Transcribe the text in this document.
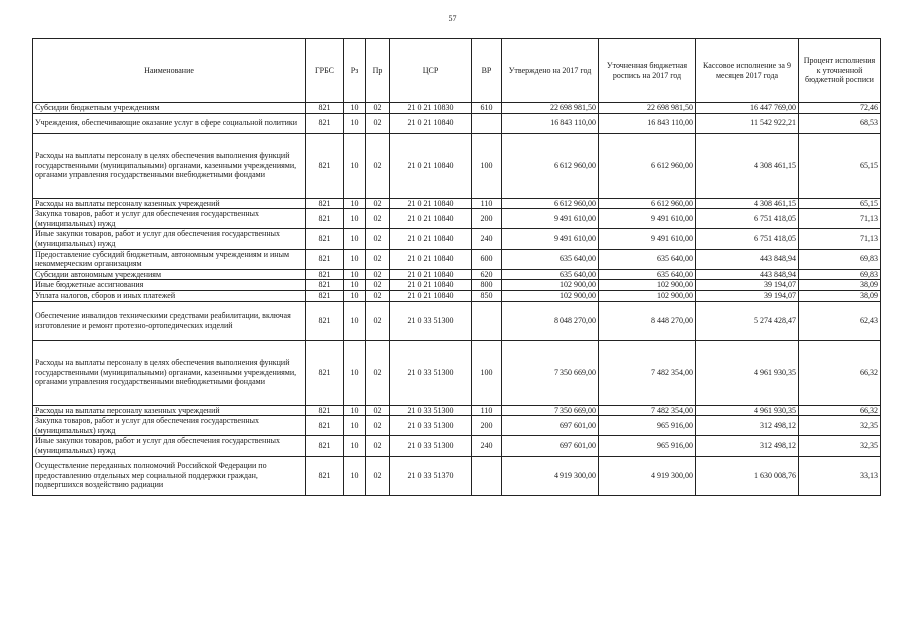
57
Наименование	ГРБС	Рз	Пр	ЦСР	ВР	Утверждено на 2017 год	Уточненная бюджетная роспись на 2017 год	Кассовое исполнение за 9 месяцев 2017 года	Процент исполнения к уточненной бюджетной росписи
Субсидии бюджетным учреждениям	821	10	02	21 0 21 10830	610	22 698 981,50	22 698 981,50	16 447 769,00	72,46
Учреждения, обеспечивающие оказание услуг в сфере социальной политики	821	10	02	21 0 21 10840		16 843 110,00	16 843 110,00	11 542 922,21	68,53
Расходы на выплаты персоналу в целях обеспечения выполнения функций государственными (муниципальными) органами, казенными учреждениями, органами управления государственными внебюджетными фондами	821	10	02	21 0 21 10840	100	6 612 960,00	6 612 960,00	4 308 461,15	65,15
Расходы на выплаты персоналу казенных учреждений	821	10	02	21 0 21 10840	110	6 612 960,00	6 612 960,00	4 308 461,15	65,15
Закупка товаров, работ и услуг для обеспечения государственных (муниципальных) нужд	821	10	02	21 0 21 10840	200	9 491 610,00	9 491 610,00	6 751 418,05	71,13
Иные закупки товаров, работ и услуг для обеспечения государственных (муниципальных) нужд	821	10	02	21 0 21 10840	240	9 491 610,00	9 491 610,00	6 751 418,05	71,13
Предоставление субсидий бюджетным, автономным учреждениям и иным некоммерческим организациям	821	10	02	21 0 21 10840	600	635 640,00	635 640,00	443 848,94	69,83
Субсидии автономным учреждениям	821	10	02	21 0 21 10840	620	635 640,00	635 640,00	443 848,94	69,83
Иные бюджетные ассигнования	821	10	02	21 0 21 10840	800	102 900,00	102 900,00	39 194,07	38,09
Уплата налогов, сборов и иных платежей	821	10	02	21 0 21 10840	850	102 900,00	102 900,00	39 194,07	38,09
Обеспечение инвалидов техническими средствами реабилитации, включая изготовление и ремонт протезно-ортопедических изделий	821	10	02	21 0 33 51300		8 048 270,00	8 448 270,00	5 274 428,47	62,43
Расходы на выплаты персоналу в целях обеспечения выполнения функций государственными (муниципальными) органами, казенными учреждениями, органами управления государственными внебюджетными фондами	821	10	02	21 0 33 51300	100	7 350 669,00	7 482 354,00	4 961 930,35	66,32
Расходы на выплаты персоналу казенных учреждений	821	10	02	21 0 33 51300	110	7 350 669,00	7 482 354,00	4 961 930,35	66,32
Закупка товаров, работ и услуг для обеспечения государственных (муниципальных) нужд	821	10	02	21 0 33 51300	200	697 601,00	965 916,00	312 498,12	32,35
Иные закупки товаров, работ и услуг для обеспечения государственных (муниципальных) нужд	821	10	02	21 0 33 51300	240	697 601,00	965 916,00	312 498,12	32,35
Осуществление переданных полномочий Российской Федерации по предоставлению отдельных мер социальной поддержки граждан, подвергшихся воздействию радиации	821	10	02	21 0 33 51370		4 919 300,00	4 919 300,00	1 630 008,76	33,13
